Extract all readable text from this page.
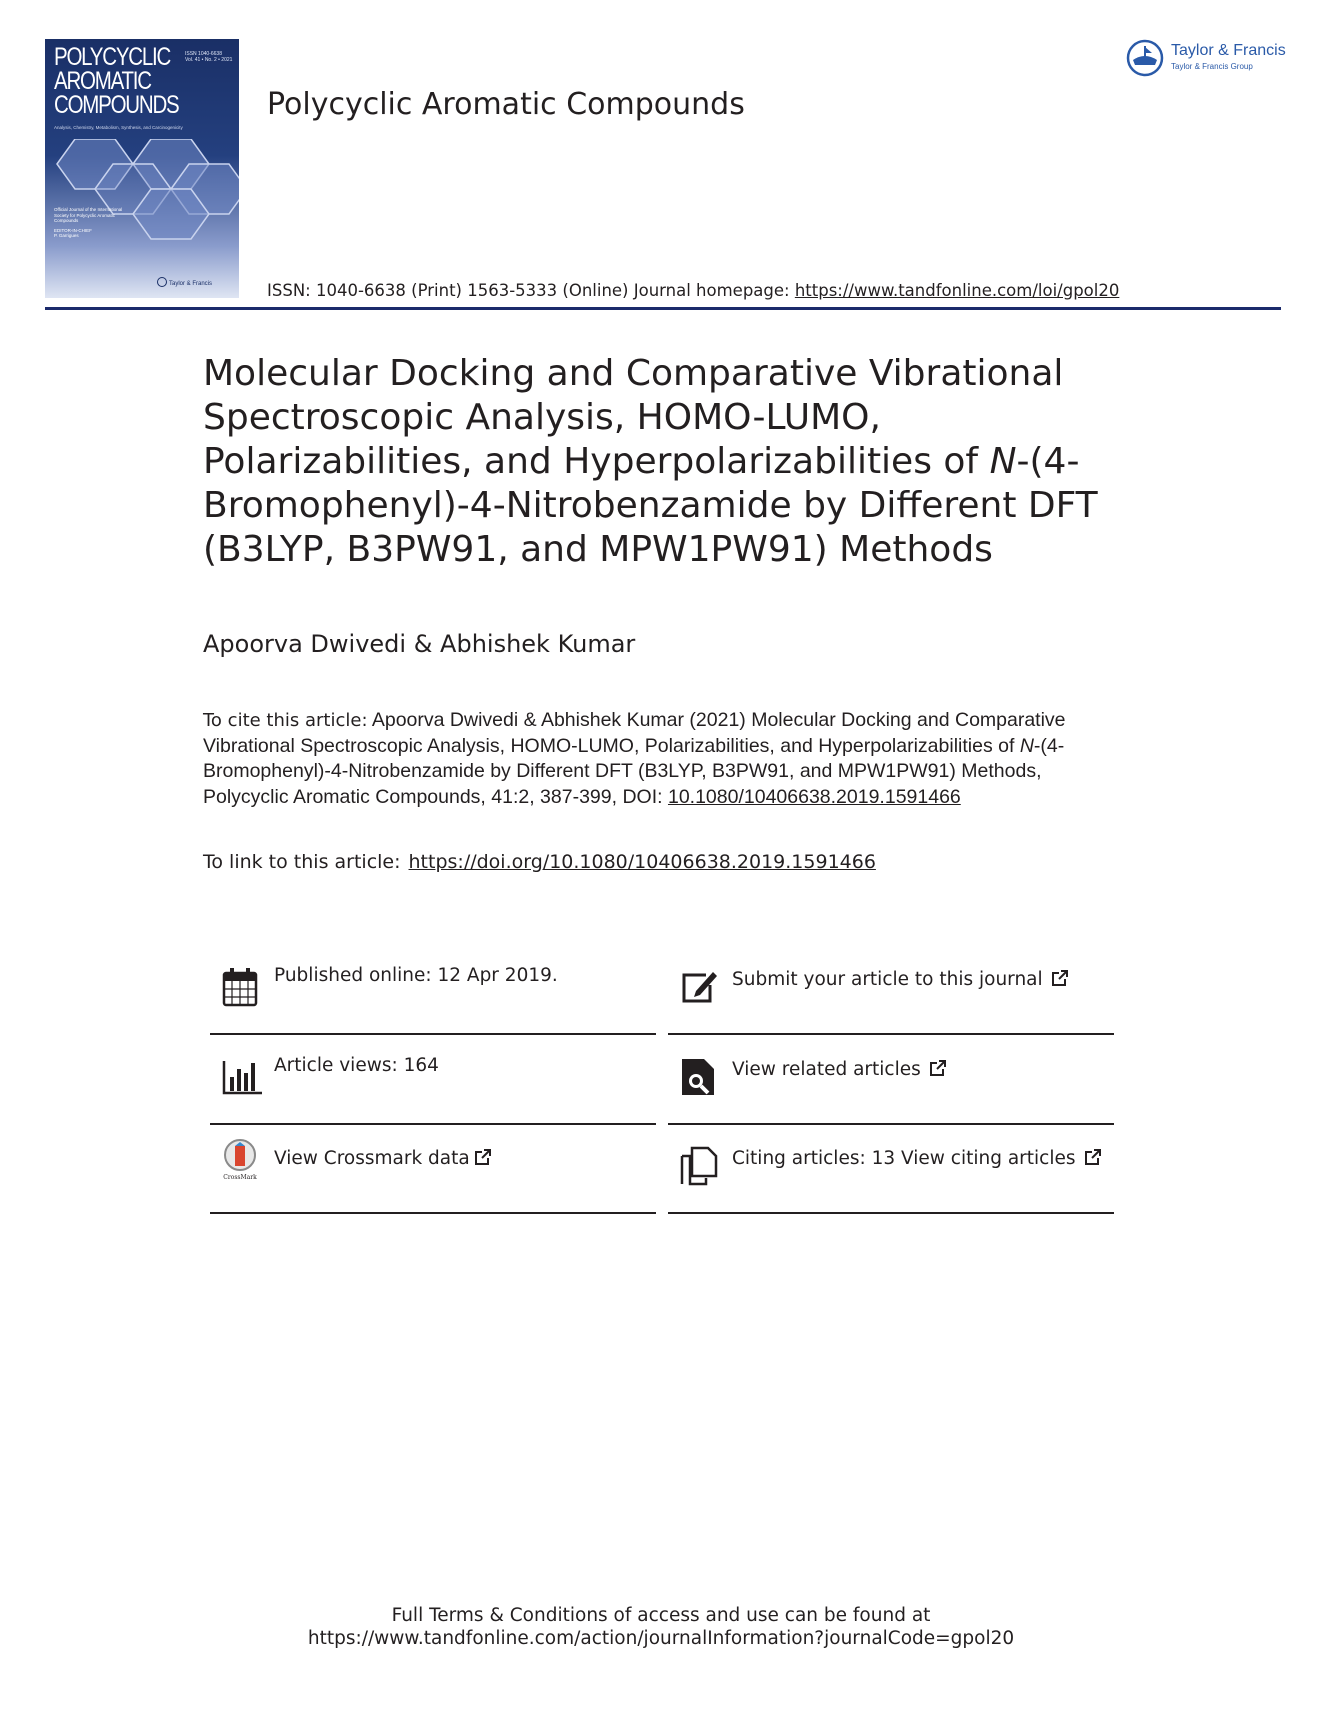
POLYCYCLIC
AROMATIC
COMPOUNDS
ISSN 1040-6638
Vol. 41 • No. 2 • 2021
Analysis, Chemistry, Metabolism, Synthesis, and Carcinogenicity
Official Journal of the International
Society for Polycyclic Aromatic
Compounds
EDITOR-IN-CHIEF
P. Garrigues
Taylor & Francis
Polycyclic Aromatic Compounds
ISSN: 1040-6638 (Print) 1563-5333 (Online) Journal homepage: https://www.tandfonline.com/loi/gpol20
Taylor & Francis
Taylor & Francis Group
Molecular Docking and Comparative Vibrational Spectroscopic Analysis, HOMO-LUMO, Polarizabilities, and Hyperpolarizabilities of N-(4-Bromophenyl)-4-Nitrobenzamide by Different DFT (B3LYP, B3PW91, and MPW1PW91) Methods
Apoorva Dwivedi & Abhishek Kumar
To cite this article: Apoorva Dwivedi & Abhishek Kumar (2021) Molecular Docking and Comparative Vibrational Spectroscopic Analysis, HOMO-LUMO, Polarizabilities, and Hyperpolarizabilities of N-(4-Bromophenyl)-4-Nitrobenzamide by Different DFT (B3LYP, B3PW91, and MPW1PW91) Methods, Polycyclic Aromatic Compounds, 41:2, 387-399, DOI: 10.1080/10406638.2019.1591466
To link to this article: https://doi.org/10.1080/10406638.2019.1591466
Published online: 12 Apr 2019.	Submit your article to this journal
Article views: 164	View related articles
CrossMark
View Crossmark data	Citing articles: 13 View citing articles
Full Terms & Conditions of access and use can be found at
https://www.tandfonline.com/action/journalInformation?journalCode=gpol20
